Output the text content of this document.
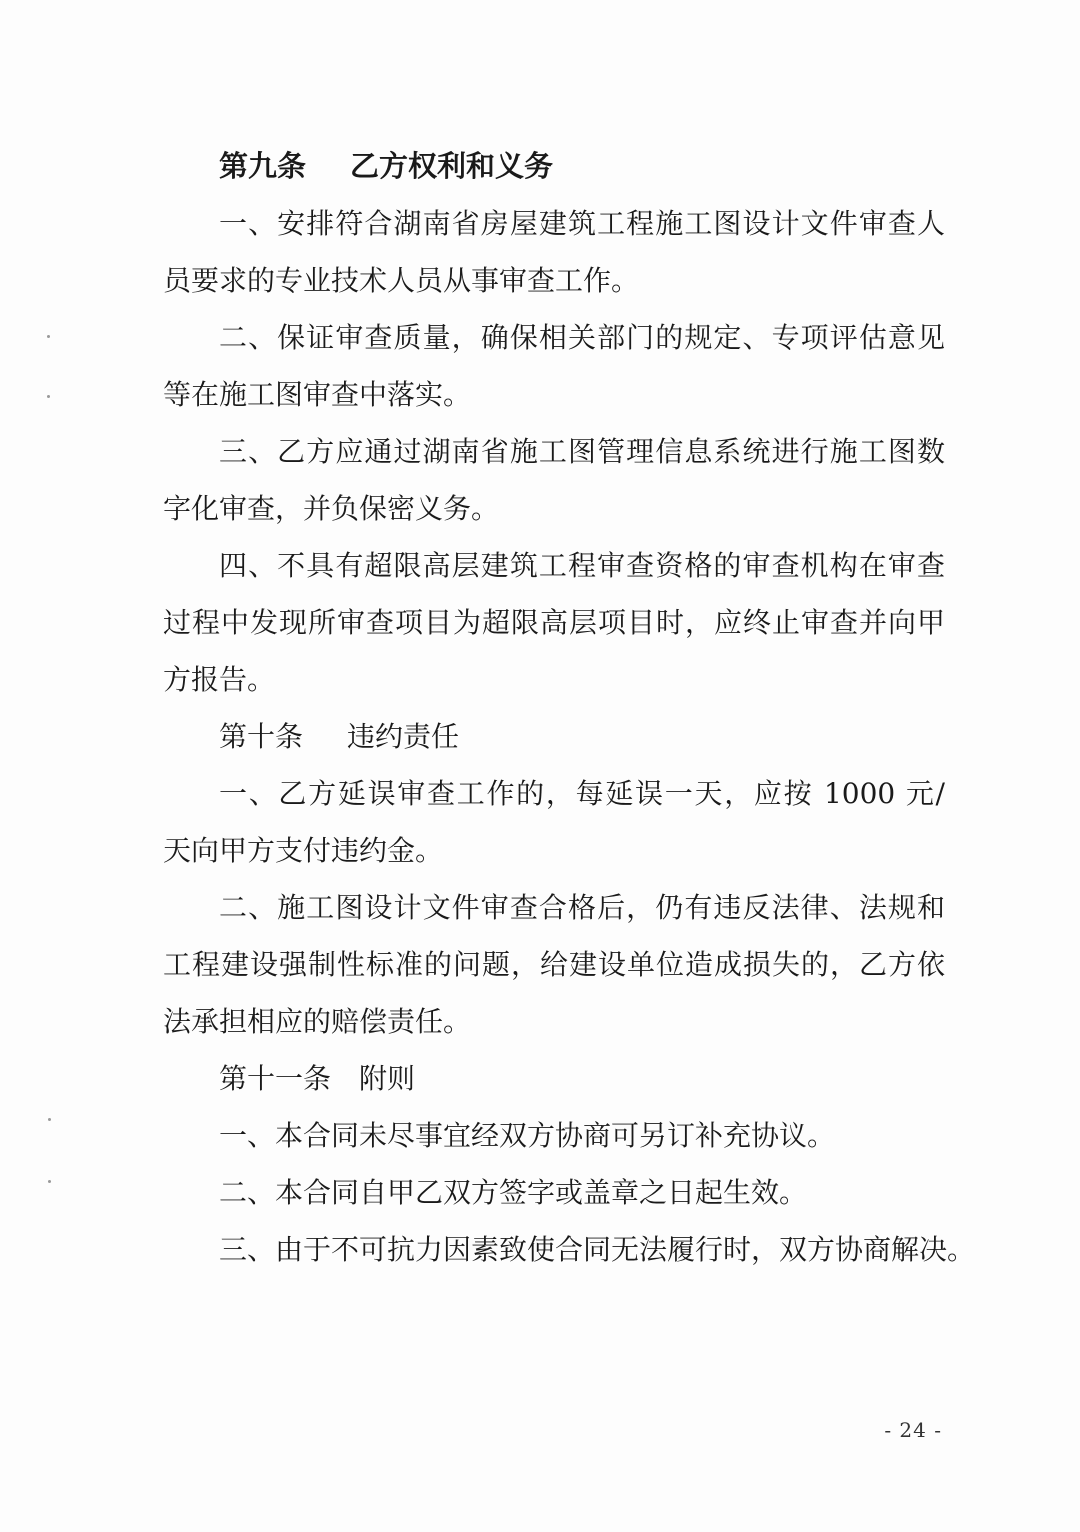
第九条 乙方权利和义务
一、安排符合湖南省房屋建筑工程施工图设计文件审查人
员要求的专业技术人员从事审查工作。
二、保证审查质量，确保相关部门的规定、专项评估意见
等在施工图审查中落实。
三、乙方应通过湖南省施工图管理信息系统进行施工图数
字化审查，并负保密义务。
四、不具有超限高层建筑工程审查资格的审查机构在审查
过程中发现所审查项目为超限高层项目时，应终止审查并向甲
方报告。
第十条 违约责任
一、乙方延误审查工作的，每延误一天，应按 1000 元/
天向甲方支付违约金。
二、施工图设计文件审查合格后，仍有违反法律、法规和
工程建设强制性标准的问题，给建设单位造成损失的，乙方依
法承担相应的赔偿责任。
第十一条 附则
一、本合同未尽事宜经双方协商可另订补充协议。
二、本合同自甲乙双方签字或盖章之日起生效。
三、由于不可抗力因素致使合同无法履行时，双方协商解决。
- 24 -
